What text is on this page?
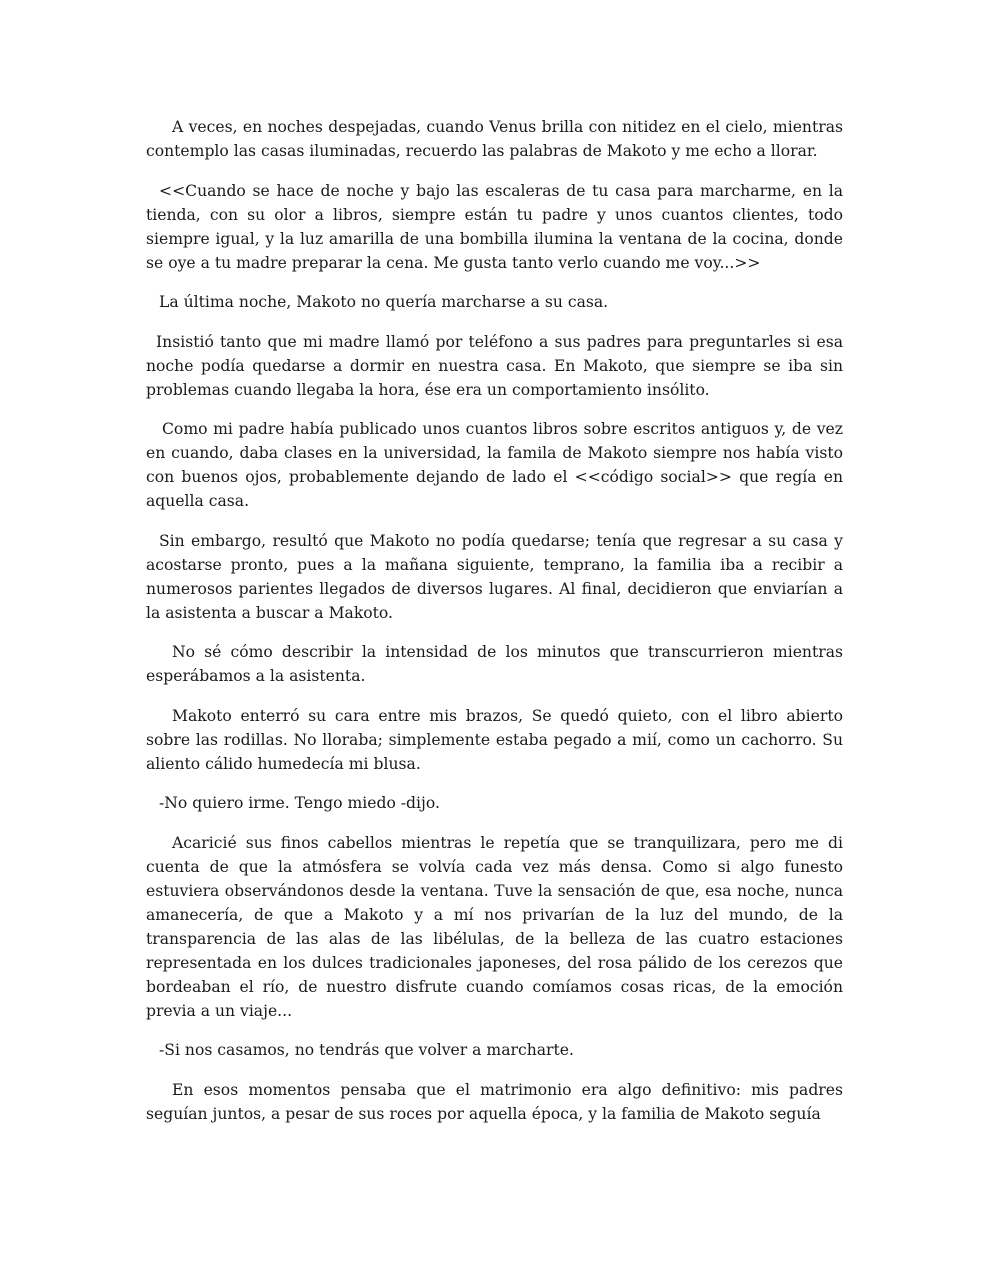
A veces, en noches despejadas, cuando Venus brilla con nitidez en el cielo, mientras contemplo las casas iluminadas, recuerdo las palabras de Makoto y me echo a llorar.

<<Cuando se hace de noche y bajo las escaleras de tu casa para marcharme, en la tienda, con su olor a libros, siempre están tu padre y unos cuantos clientes, todo siempre igual, y la luz amarilla de una bombilla ilumina la ventana de la cocina, donde se oye a tu madre preparar la cena. Me gusta tanto verlo cuando me voy...>>

La última noche, Makoto no quería marcharse a su casa.

Insistió tanto que mi madre llamó por teléfono a sus padres para preguntarles si esa noche podía quedarse a dormir en nuestra casa. En Makoto, que siempre se iba sin problemas cuando llegaba la hora, ése era un comportamiento insólito.

Como mi padre había publicado unos cuantos libros sobre escritos antiguos y, de vez en cuando, daba clases en la universidad, la famila de Makoto siempre nos había visto con buenos ojos, probablemente dejando de lado el <<código social>> que regía en aquella casa.

Sin embargo, resultó que Makoto no podía quedarse; tenía que regresar a su casa y acostarse pronto, pues a la mañana siguiente, temprano, la familia iba a recibir a numerosos parientes llegados de diversos lugares. Al final, decidieron que enviarían a la asistenta a buscar a Makoto.

No sé cómo describir la intensidad de los minutos que transcurrieron mientras esperábamos a la asistenta.

Makoto enterró su cara entre mis brazos, Se quedó quieto, con el libro abierto sobre las rodillas. No lloraba; simplemente estaba pegado a mií, como un cachorro. Su aliento cálido humedecía mi blusa.

-No quiero irme. Tengo miedo -dijo.

Acaricié sus finos cabellos mientras le repetía que se tranquilizara, pero me di cuenta de que la atmósfera se volvía cada vez más densa. Como si algo funesto estuviera observándonos desde la ventana. Tuve la sensación de que, esa noche, nunca amanecería, de que a Makoto y a mí nos privarían de la luz del mundo, de la transparencia de las alas de las libélulas, de la belleza de las cuatro estaciones representada en los dulces tradicionales japoneses, del rosa pálido de los cerezos que bordeaban el río, de nuestro disfrute cuando comíamos cosas ricas, de la emoción previa a un viaje...

-Si nos casamos, no tendrás que volver a marcharte.

En esos momentos pensaba que el matrimonio era algo definitivo: mis padres seguían juntos, a pesar de sus roces por aquella época, y la familia de Makoto seguía
